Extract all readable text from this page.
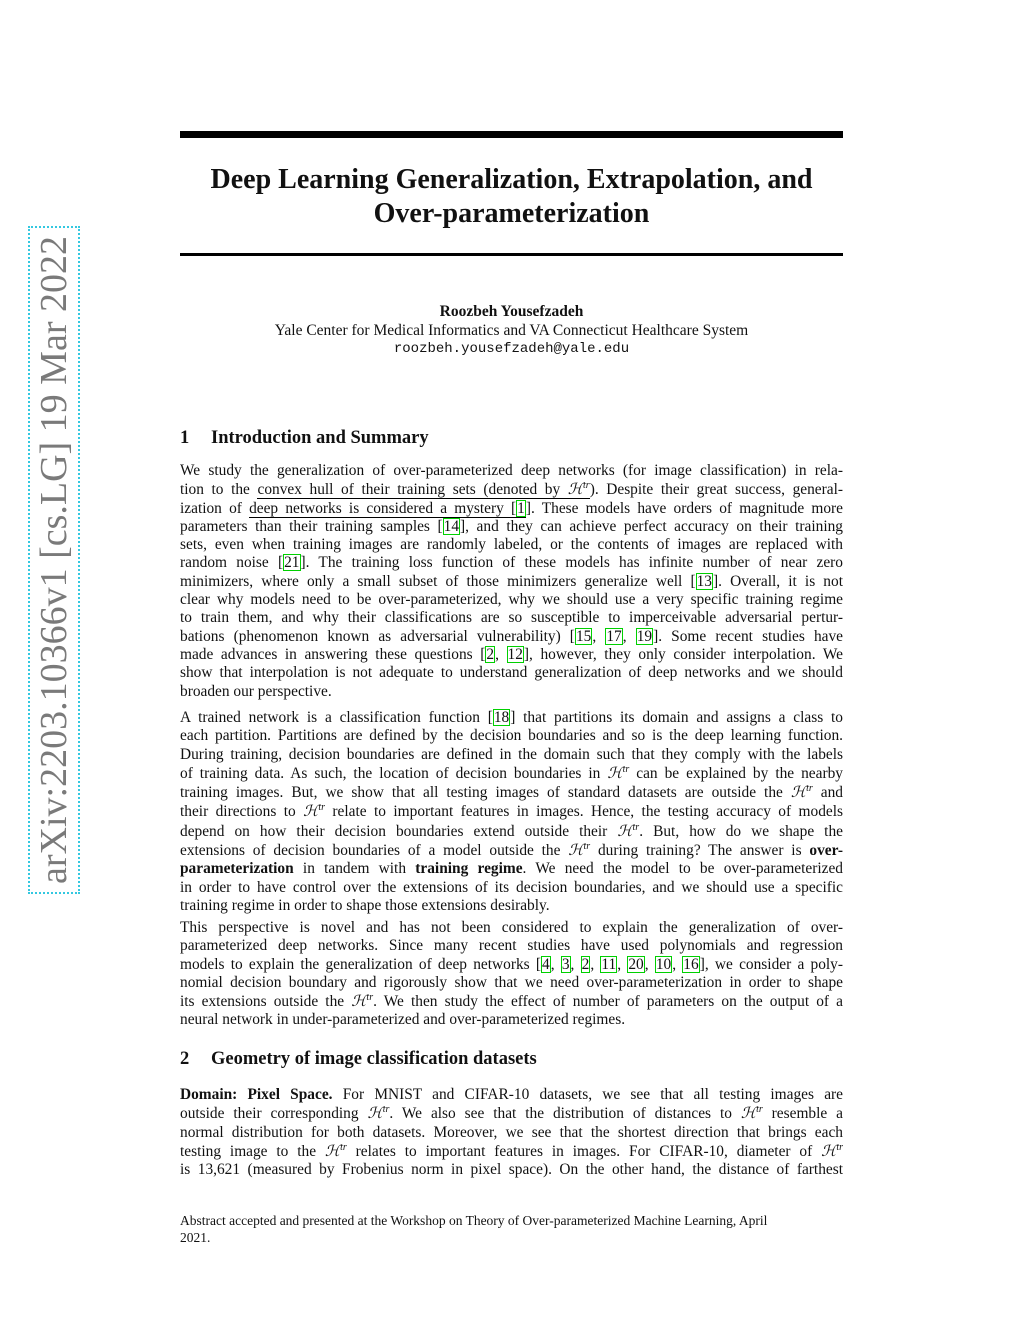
arXiv:2203.10366v1 [cs.LG] 19 Mar 2022
Deep Learning Generalization, Extrapolation, and
Over-parameterization
Roozbeh Yousefzadeh
Yale Center for Medical Informatics and VA Connecticut Healthcare System
roozbeh.yousefzadeh@yale.edu
1 Introduction and Summary
We study the generalization of over-parameterized deep networks (for image classification) in rela-
tion to the convex hull of their training sets (denoted by ℋ$^{tr}$). Despite their great success, general-
ization of deep networks is considered a mystery [1]. These models have orders of magnitude more
parameters than their training samples [14], and they can achieve perfect accuracy on their training
sets, even when training images are randomly labeled, or the contents of images are replaced with
random noise [21]. The training loss function of these models has infinite number of near zero
minimizers, where only a small subset of those minimizers generalize well [13]. Overall, it is not
clear why models need to be over-parameterized, why we should use a very specific training regime
to train them, and why their classifications are so susceptible to imperceivable adversarial pertur-
bations (phenomenon known as adversarial vulnerability) [15, 17, 19]. Some recent studies have
made advances in answering these questions [2, 12], however, they only consider interpolation. We
show that interpolation is not adequate to understand generalization of deep networks and we should
broaden our perspective.
A trained network is a classification function [18] that partitions its domain and assigns a class to
each partition. Partitions are defined by the decision boundaries and so is the deep learning function.
During training, decision boundaries are defined in the domain such that they comply with the labels
of training data. As such, the location of decision boundaries in ℋ$^{tr}$ can be explained by the nearby
training images. But, we show that all testing images of standard datasets are outside the ℋ$^{tr}$ and
their directions to ℋ$^{tr}$ relate to important features in images. Hence, the testing accuracy of models
depend on how their decision boundaries extend outside their ℋ$^{tr}$. But, how do we shape the
extensions of decision boundaries of a model outside the ℋ$^{tr}$ during training? The answer is over-
parameterization in tandem with training regime. We need the model to be over-parameterized
in order to have control over the extensions of its decision boundaries, and we should use a specific
training regime in order to shape those extensions desirably.
This perspective is novel and has not been considered to explain the generalization of over-
parameterized deep networks. Since many recent studies have used polynomials and regression
models to explain the generalization of deep networks [4, 3, 2, 11, 20, 10, 16], we consider a poly-
nomial decision boundary and rigorously show that we need over-parameterization in order to shape
its extensions outside the ℋ$^{tr}$. We then study the effect of number of parameters on the output of a
neural network in under-parameterized and over-parameterized regimes.
2 Geometry of image classification datasets
Domain: Pixel Space. For MNIST and CIFAR-10 datasets, we see that all testing images are
outside their corresponding ℋ$^{tr}$. We also see that the distribution of distances to ℋ$^{tr}$ resemble a
normal distribution for both datasets. Moreover, we see that the shortest direction that brings each
testing image to the ℋ$^{tr}$ relates to important features in images. For CIFAR-10, diameter of ℋ$^{tr}$
is 13,621 (measured by Frobenius norm in pixel space). On the other hand, the distance of farthest
Abstract accepted and presented at the Workshop on Theory of Over-parameterized Machine Learning, April
2021.
